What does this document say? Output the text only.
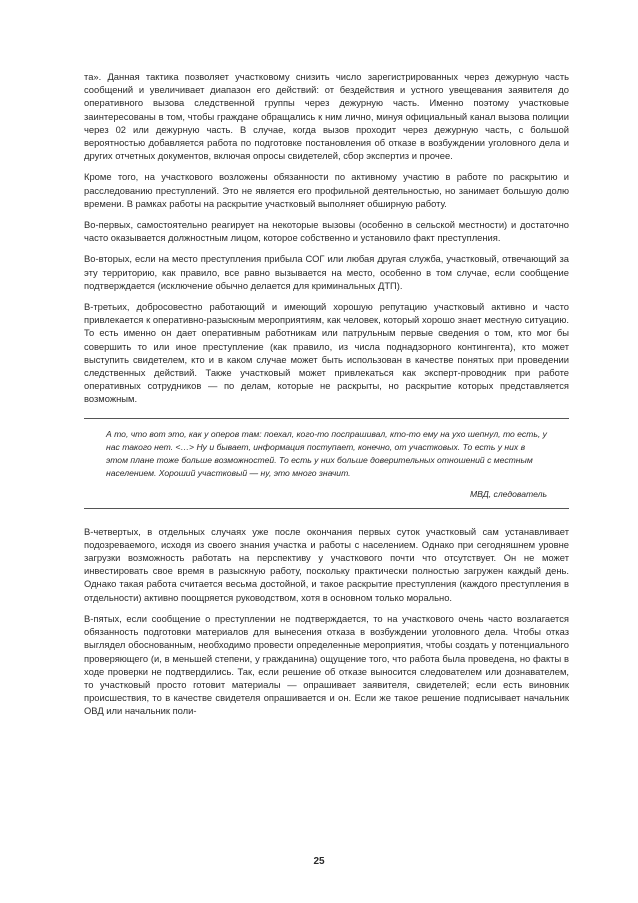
та». Данная тактика позволяет участковому снизить число зарегистрированных через дежурную часть сообщений и увеличивает диапазон его действий: от бездействия и устного увещевания заявителя до оперативного вызова следственной группы через дежурную часть. Именно поэтому участковые заинтересованы в том, чтобы граждане обращались к ним лично, минуя официальный канал вызова полиции через 02 или дежурную часть. В случае, когда вызов проходит через дежурную часть, с большой вероятностью добавляется работа по подготовке постановления об отказе в возбуждении уголовного дела и других отчетных документов, включая опросы свидетелей, сбор экспертиз и прочее.

Кроме того, на участкового возложены обязанности по активному участию в работе по раскрытию и расследованию преступлений. Это не является его профильной деятельностью, но занимает большую долю времени. В рамках работы на раскрытие участковый выполняет обширную работу.

Во-первых, самостоятельно реагирует на некоторые вызовы (особенно в сельской местности) и достаточно часто оказывается должностным лицом, которое собственно и установило факт преступления.

Во-вторых, если на место преступления прибыла СОГ или любая другая служба, участковый, отвечающий за эту территорию, как правило, все равно вызывается на место, особенно в том случае, если сообщение подтверждается (исключение обычно делается для криминальных ДТП).

В-третьих, добросовестно работающий и имеющий хорошую репутацию участковый активно и часто привлекается к оперативно-разыскным мероприятиям, как человек, который хорошо знает местную ситуацию. То есть именно он дает оперативным работникам или патрульным первые сведения о том, кто мог бы совершить то или иное преступление (как правило, из числа поднадзорного контингента), кто может выступить свидетелем, кто и в каком случае может быть использован в качестве понятых при проведении следственных действий. Также участковый может привлекаться как эксперт-проводник при работе оперативных сотрудников — по делам, которые не раскрыты, но раскрытие которых представляется возможным.

А то, что вот это, как у оперов там: поехал, кого-то поспрашивал, кто-то ему на ухо шепнул, то есть, у нас такого нет. <…> Ну и бывает, информация поступает, конечно, от участковых. То есть у них в этом плане тоже больше возможностей. То есть у них больше доверительных отношений с местным населением. Хороший участковый — ну, это много значит.

МВД, следователь

В-четвертых, в отдельных случаях уже после окончания первых суток участковый сам устанавливает подозреваемого, исходя из своего знания участка и работы с населением. Однако при сегодняшнем уровне загрузки возможность работать на перспективу у участкового почти что отсутствует. Он не может инвестировать свое время в разыскную работу, поскольку практически полностью загружен каждый день. Однако такая работа считается весьма достойной, и такое раскрытие преступления (каждого преступления в отдельности) активно поощряется руководством, хотя в основном только морально.

В-пятых, если сообщение о преступлении не подтверждается, то на участкового очень часто возлагается обязанность подготовки материалов для вынесения отказа в возбуждении уголовного дела. Чтобы отказ выглядел обоснованным, необходимо провести определенные мероприятия, чтобы создать у потенциального проверяющего (и, в меньшей степени, у гражданина) ощущение того, что работа была проведена, но факты в ходе проверки не подтвердились. Так, если решение об отказе выносится следователем или дознавателем, то участковый просто готовит материалы — опрашивает заявителя, свидетелей; если есть виновник происшествия, то в качестве свидетеля опрашивается и он. Если же такое решение подписывает начальник ОВД или начальник поли-

25
